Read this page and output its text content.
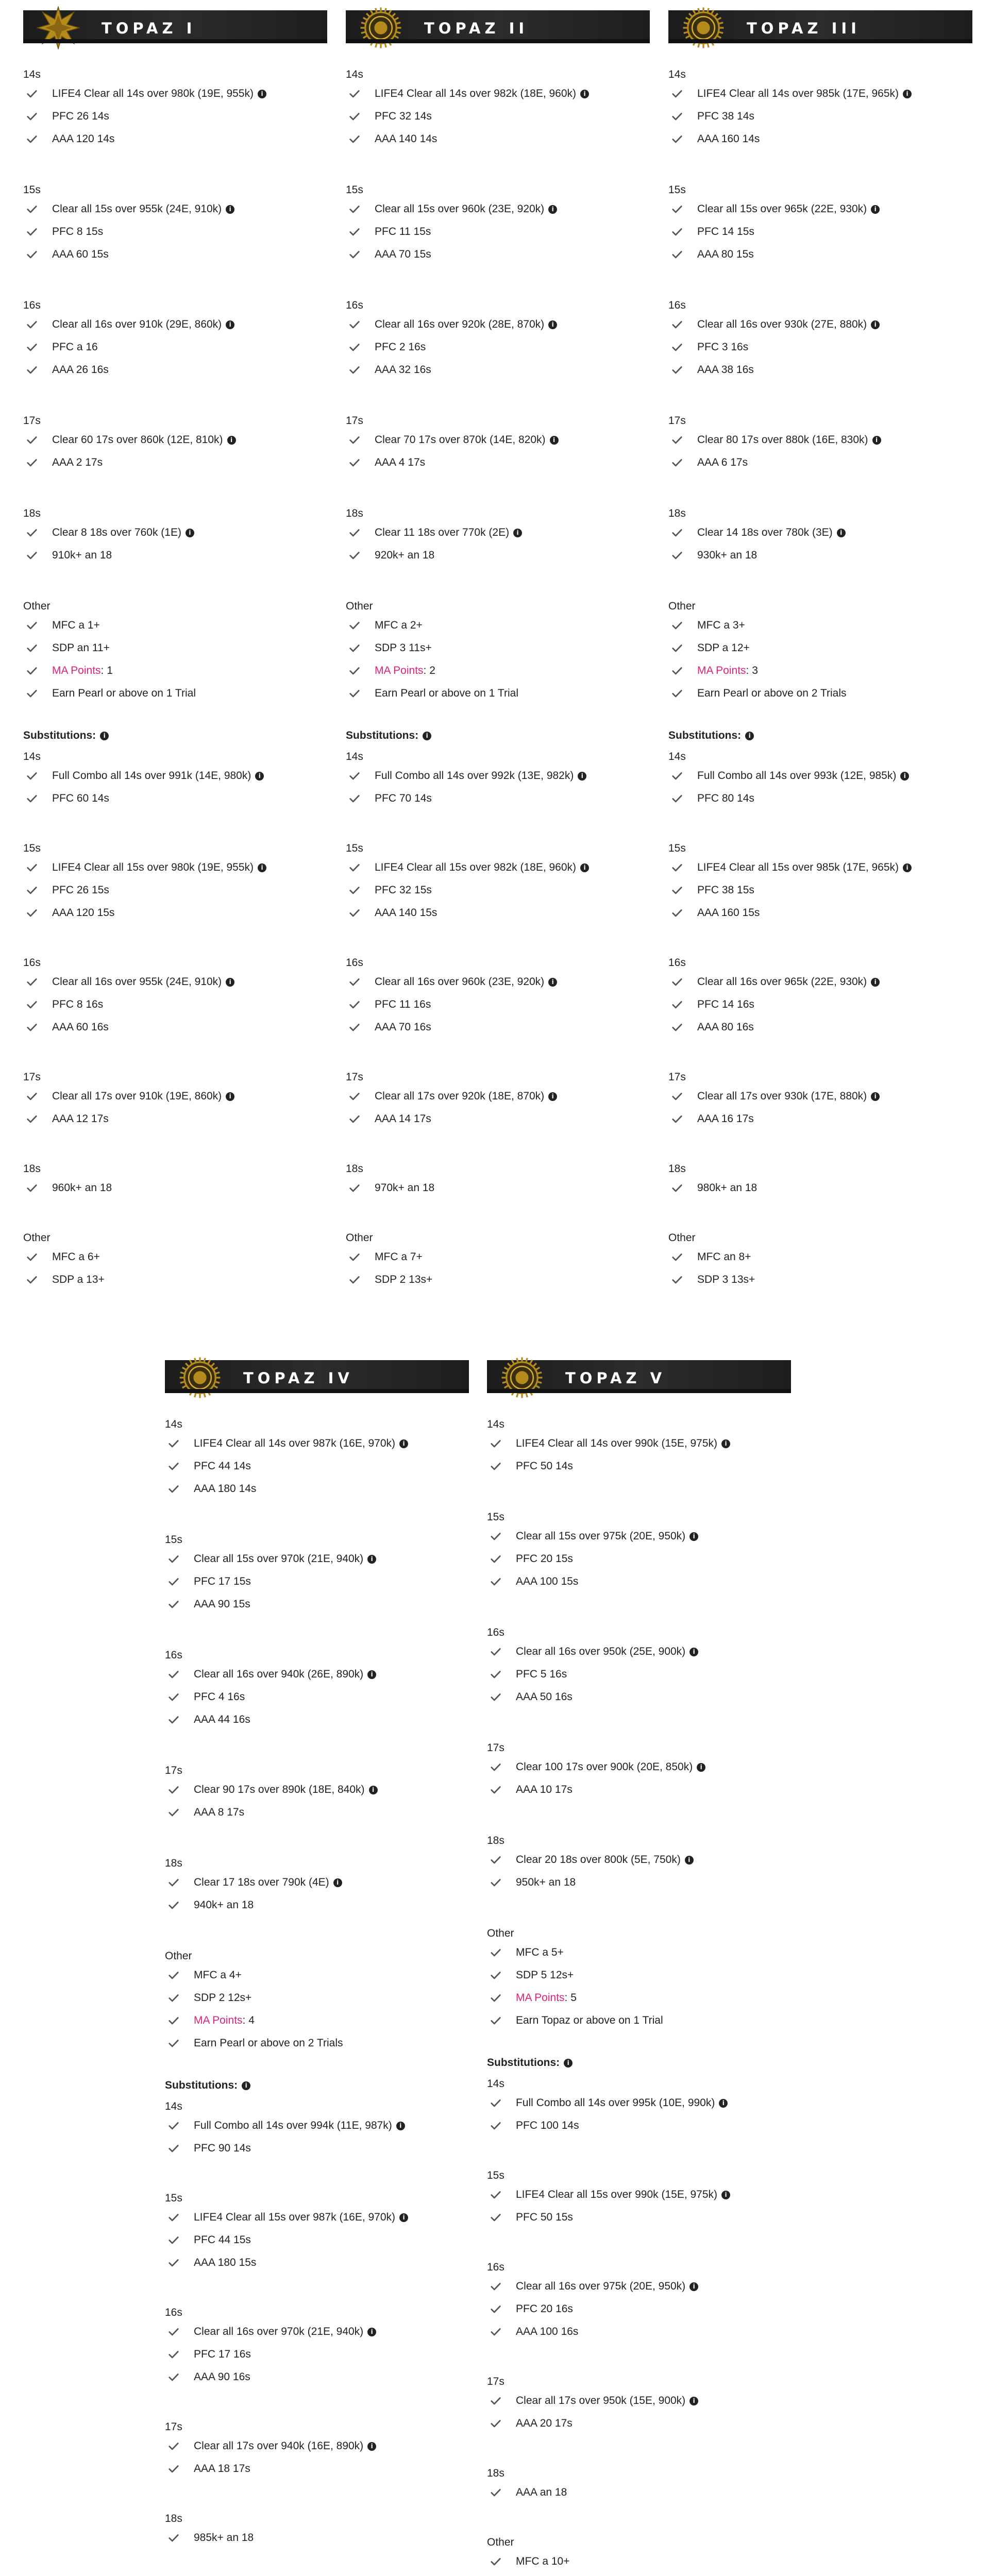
TOPAZ I
14s
LIFE4 Clear all 14s over 980k (19E, 955k)	i
PFC 26 14s
AAA 120 14s
15s
Clear all 15s over 955k (24E, 910k)	i
PFC 8 15s
AAA 60 15s
16s
Clear all 16s over 910k (29E, 860k)	i
PFC a 16
AAA 26 16s
17s
Clear 60 17s over 860k (12E, 810k)	i
AAA 2 17s
18s
Clear 8 18s over 760k (1E)	i
910k+ an 18
Other
MFC a 1+
SDP an 11+
MA Points: 1
Earn Pearl or above on 1 Trial
Substitutions: i
14s
Full Combo all 14s over 991k (14E, 980k)	i
PFC 60 14s
15s
LIFE4 Clear all 15s over 980k (19E, 955k)	i
PFC 26 15s
AAA 120 15s
16s
Clear all 16s over 955k (24E, 910k)	i
PFC 8 16s
AAA 60 16s
17s
Clear all 17s over 910k (19E, 860k)	i
AAA 12 17s
18s
960k+ an 18
Other
MFC a 6+
SDP a 13+
TOPAZ II
14s
LIFE4 Clear all 14s over 982k (18E, 960k)	i
PFC 32 14s
AAA 140 14s
15s
Clear all 15s over 960k (23E, 920k)	i
PFC 11 15s
AAA 70 15s
16s
Clear all 16s over 920k (28E, 870k)	i
PFC 2 16s
AAA 32 16s
17s
Clear 70 17s over 870k (14E, 820k)	i
AAA 4 17s
18s
Clear 11 18s over 770k (2E)	i
920k+ an 18
Other
MFC a 2+
SDP 3 11s+
MA Points: 2
Earn Pearl or above on 1 Trial
Substitutions: i
14s
Full Combo all 14s over 992k (13E, 982k)	i
PFC 70 14s
15s
LIFE4 Clear all 15s over 982k (18E, 960k)	i
PFC 32 15s
AAA 140 15s
16s
Clear all 16s over 960k (23E, 920k)	i
PFC 11 16s
AAA 70 16s
17s
Clear all 17s over 920k (18E, 870k)	i
AAA 14 17s
18s
970k+ an 18
Other
MFC a 7+
SDP 2 13s+
TOPAZ III
14s
LIFE4 Clear all 14s over 985k (17E, 965k)	i
PFC 38 14s
AAA 160 14s
15s
Clear all 15s over 965k (22E, 930k)	i
PFC 14 15s
AAA 80 15s
16s
Clear all 16s over 930k (27E, 880k)	i
PFC 3 16s
AAA 38 16s
17s
Clear 80 17s over 880k (16E, 830k)	i
AAA 6 17s
18s
Clear 14 18s over 780k (3E)	i
930k+ an 18
Other
MFC a 3+
SDP a 12+
MA Points: 3
Earn Pearl or above on 2 Trials
Substitutions: i
14s
Full Combo all 14s over 993k (12E, 985k)	i
PFC 80 14s
15s
LIFE4 Clear all 15s over 985k (17E, 965k)	i
PFC 38 15s
AAA 160 15s
16s
Clear all 16s over 965k (22E, 930k)	i
PFC 14 16s
AAA 80 16s
17s
Clear all 17s over 930k (17E, 880k)	i
AAA 16 17s
18s
980k+ an 18
Other
MFC an 8+
SDP 3 13s+
TOPAZ IV
14s
LIFE4 Clear all 14s over 987k (16E, 970k)	i
PFC 44 14s
AAA 180 14s
15s
Clear all 15s over 970k (21E, 940k)	i
PFC 17 15s
AAA 90 15s
16s
Clear all 16s over 940k (26E, 890k)	i
PFC 4 16s
AAA 44 16s
17s
Clear 90 17s over 890k (18E, 840k)	i
AAA 8 17s
18s
Clear 17 18s over 790k (4E)	i
940k+ an 18
Other
MFC a 4+
SDP 2 12s+
MA Points: 4
Earn Pearl or above on 2 Trials
Substitutions: i
14s
Full Combo all 14s over 994k (11E, 987k)	i
PFC 90 14s
15s
LIFE4 Clear all 15s over 987k (16E, 970k)	i
PFC 44 15s
AAA 180 15s
16s
Clear all 16s over 970k (21E, 940k)	i
PFC 17 16s
AAA 90 16s
17s
Clear all 17s over 940k (16E, 890k)	i
AAA 18 17s
18s
985k+ an 18
TOPAZ V
14s
LIFE4 Clear all 14s over 990k (15E, 975k)	i
PFC 50 14s
15s
Clear all 15s over 975k (20E, 950k)	i
PFC 20 15s
AAA 100 15s
16s
Clear all 16s over 950k (25E, 900k)	i
PFC 5 16s
AAA 50 16s
17s
Clear 100 17s over 900k (20E, 850k)	i
AAA 10 17s
18s
Clear 20 18s over 800k (5E, 750k)	i
950k+ an 18
Other
MFC a 5+
SDP 5 12s+
MA Points: 5
Earn Topaz or above on 1 Trial
Substitutions: i
14s
Full Combo all 14s over 995k (10E, 990k)	i
PFC 100 14s
15s
LIFE4 Clear all 15s over 990k (15E, 975k)	i
PFC 50 15s
16s
Clear all 16s over 975k (20E, 950k)	i
PFC 20 16s
AAA 100 16s
17s
Clear all 17s over 950k (15E, 900k)	i
AAA 20 17s
18s
AAA an 18
Other
MFC a 10+
